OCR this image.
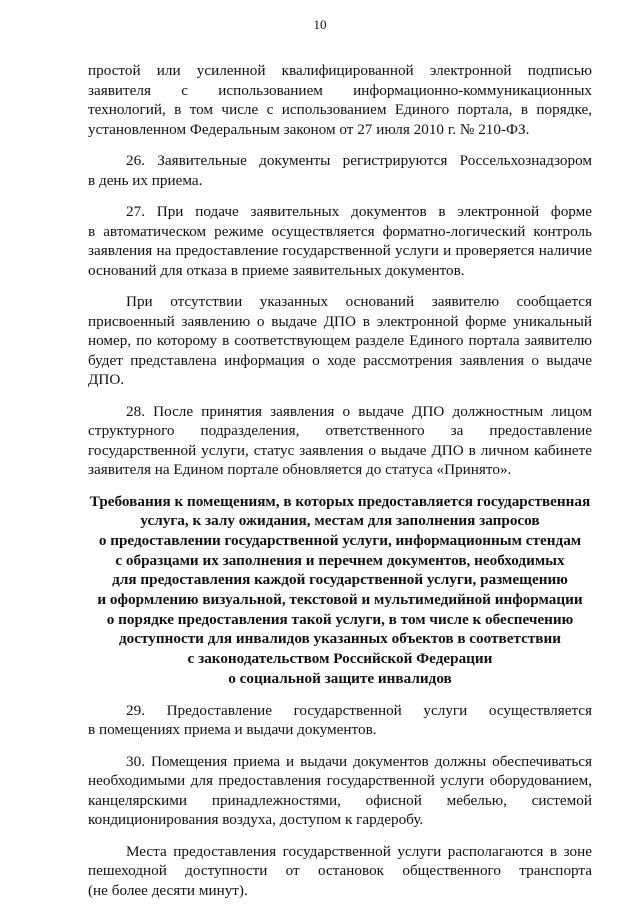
10
простой или усиленной квалифицированной электронной подписью
заявителя с использованием информационно-коммуникационных
технологий, в том числе с использованием Единого портала, в порядке,
установленном Федеральным законом от 27 июля 2010 г. № 210-ФЗ.
26. Заявительные документы регистрируются Россельхознадзором
в день их приема.
27. При подаче заявительных документов в электронной форме
в автоматическом режиме осуществляется форматно-логический контроль
заявления на предоставление государственной услуги и проверяется наличие
оснований для отказа в приеме заявительных документов.
При отсутствии указанных оснований заявителю сообщается
присвоенный заявлению о выдаче ДПО в электронной форме уникальный
номер, по которому в соответствующем разделе Единого портала заявителю
будет представлена информация о ходе рассмотрения заявления о выдаче
ДПО.
28. После принятия заявления о выдаче ДПО должностным лицом
структурного подразделения, ответственного за предоставление
государственной услуги, статус заявления о выдаче ДПО в личном кабинете
заявителя на Едином портале обновляется до статуса «Принято».
Требования к помещениям, в которых предоставляется государственная
услуга, к залу ожидания, местам для заполнения запросов
о предоставлении государственной услуги, информационным стендам
с образцами их заполнения и перечнем документов, необходимых
для предоставления каждой государственной услуги, размещению
и оформлению визуальной, текстовой и мультимедийной информации
о порядке предоставления такой услуги, в том числе к обеспечению
доступности для инвалидов указанных объектов в соответствии
с законодательством Российской Федерации
о социальной защите инвалидов
29. Предоставление государственной услуги осуществляется
в помещениях приема и выдачи документов.
30. Помещения приема и выдачи документов должны обеспечиваться
необходимыми для предоставления государственной услуги оборудованием,
канцелярскими принадлежностями, офисной мебелью, системой
кондиционирования воздуха, доступом к гардеробу.
Места предоставления государственной услуги располагаются в зоне
пешеходной доступности от остановок общественного транспорта
(не более десяти минут).
